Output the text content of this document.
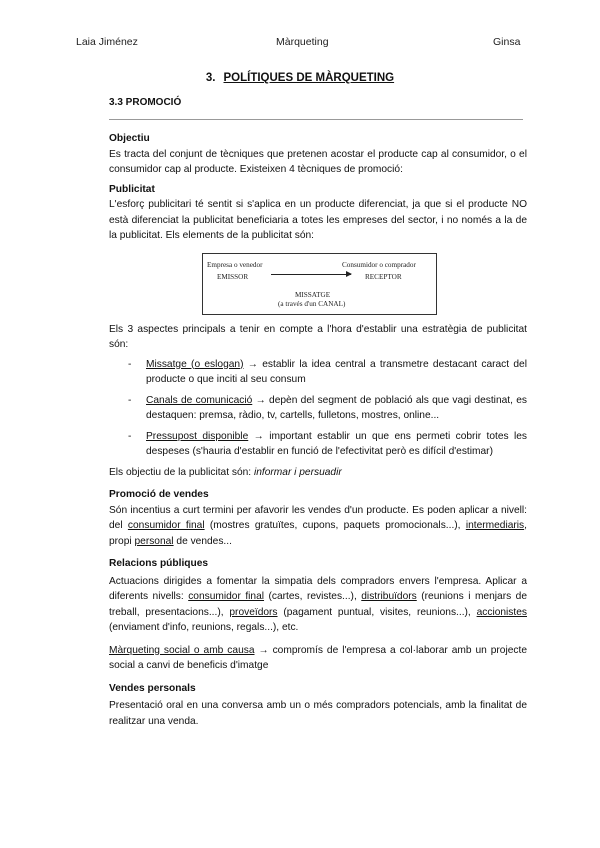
Laia Jiménez	Màrqueting	Ginsa
3. POLÍTIQUES DE MÀRQUETING
3.3 PROMOCIÓ
Objectiu

Es tracta del conjunt de tècniques que pretenen acostar el producte cap al consumidor, o el consumidor cap al producte. Existeixen 4 tècniques de promoció:

Publicitat

L'esforç publicitari té sentit si s'aplica en un producte diferenciat, ja que si el producte NO està diferenciat la publicitat beneficiaria a totes les empreses del sector, i no només a la de la publicitat. Els elements de la publicitat són:

Empresa o venedor
EMISSOR
Consumidor o comprador
RECEPTOR
MISSATGE
(a través d'un CANAL)

Els 3 aspectes principals a tenir en compte a l'hora d'establir una estratègia de publicitat són:

- Missatge (o eslogan) → establir la idea central a transmetre destacant caract del producte o que inciti al seu consum
- Canals de comunicació → depèn del segment de població als que vagi destinat, es destaquen: premsa, ràdio, tv, cartells, fulletons, mostres, online...
- Pressupost disponible → important establir un que ens permeti cobrir totes les despeses (s'hauria d'establir en funció de l'efectivitat però es difícil d'estimar)

Els objectiu de la publicitat són: informar i persuadir

Promoció de vendes

Són incentius a curt termini per afavorir les vendes d'un producte. Es poden aplicar a nivell: del consumidor final (mostres gratuïtes, cupons, paquets promocionals...), intermediaris, propi personal de vendes...

Relacions públiques

Actuacions dirigides a fomentar la simpatia dels compradors envers l'empresa. Aplicar a diferents nivells: consumidor final (cartes, revistes...), distribuïdors (reunions i menjars de treball, presentacions...), proveïdors (pagament puntual, visites, reunions...), accionistes (enviament d'info, reunions, regals...), etc.

Màrqueting social o amb causa → compromís de l'empresa a col·laborar amb un projecte social a canvi de beneficis d'imatge

Vendes personals

Presentació oral en una conversa amb un o més compradors potencials, amb la finalitat de realitzar una venda.
